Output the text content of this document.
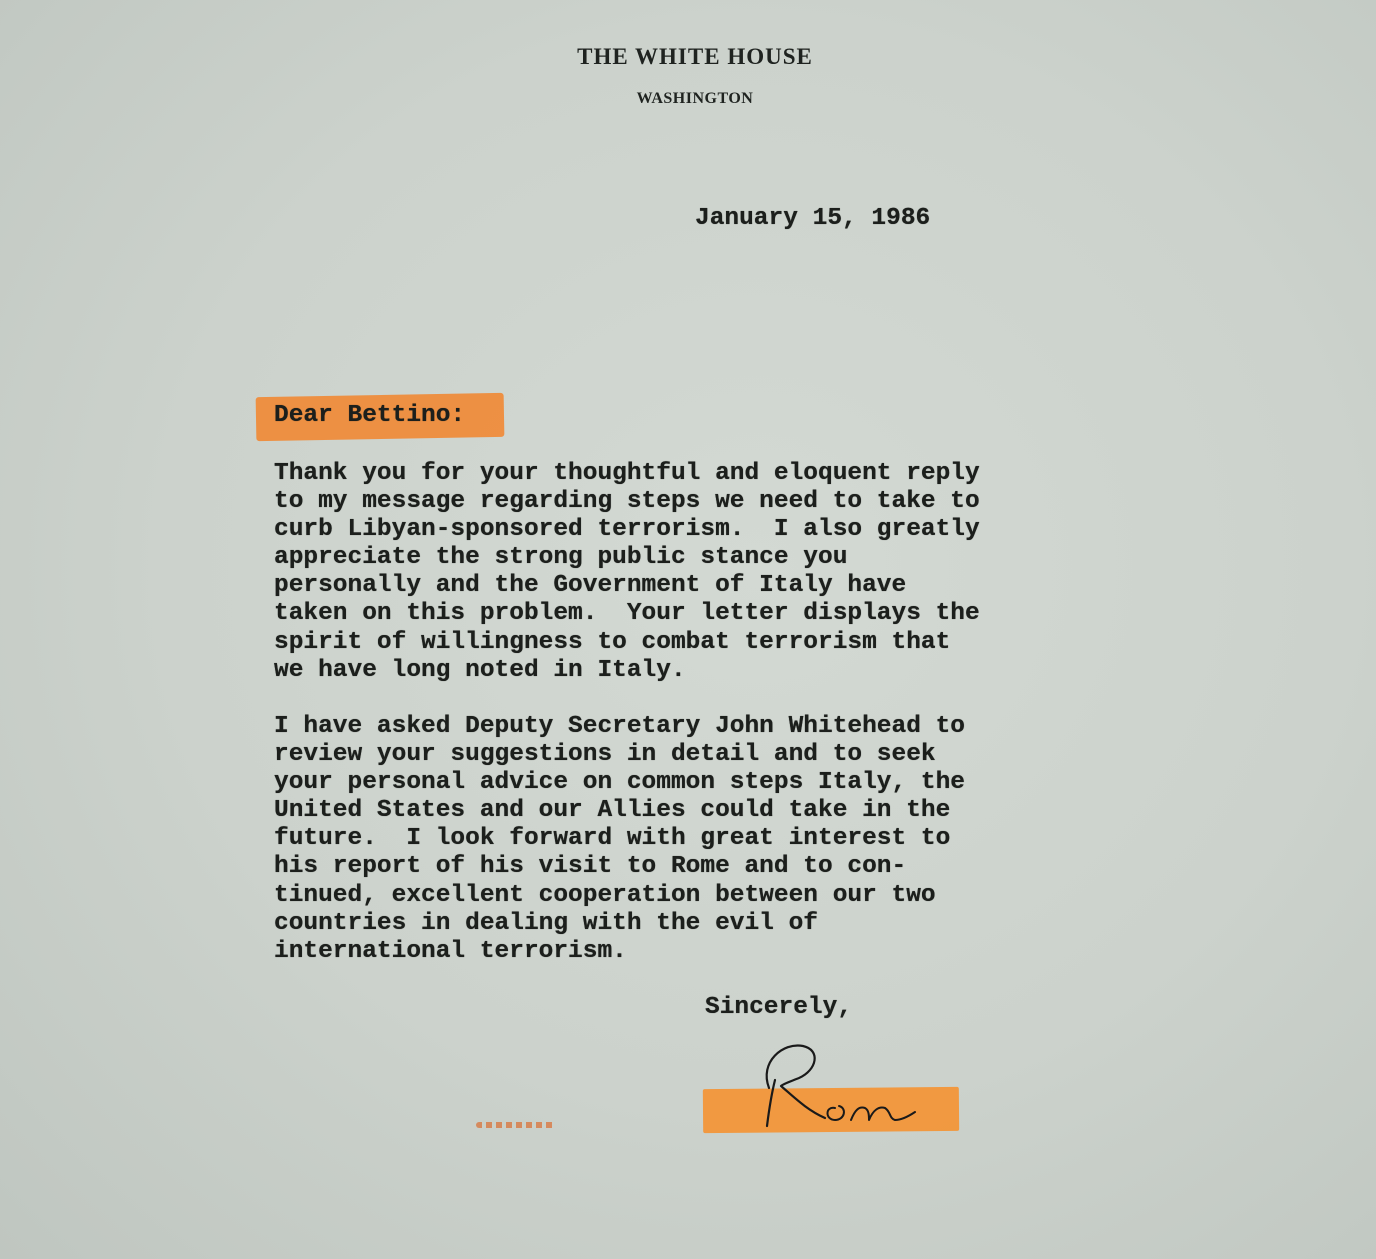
THE WHITE HOUSE
WASHINGTON

January 15, 1986

Dear Bettino:

Thank you for your thoughtful and eloquent reply
to my message regarding steps we need to take to
curb Libyan-sponsored terrorism.  I also greatly
appreciate the strong public stance you
personally and the Government of Italy have
taken on this problem.  Your letter displays the
spirit of willingness to combat terrorism that
we have long noted in Italy.

I have asked Deputy Secretary John Whitehead to
review your suggestions in detail and to seek
your personal advice on common steps Italy, the
United States and our Allies could take in the
future.  I look forward with great interest to
his report of his visit to Rome and to con-
tinued, excellent cooperation between our two
countries in dealing with the evil of
international terrorism.

Sincerely,
